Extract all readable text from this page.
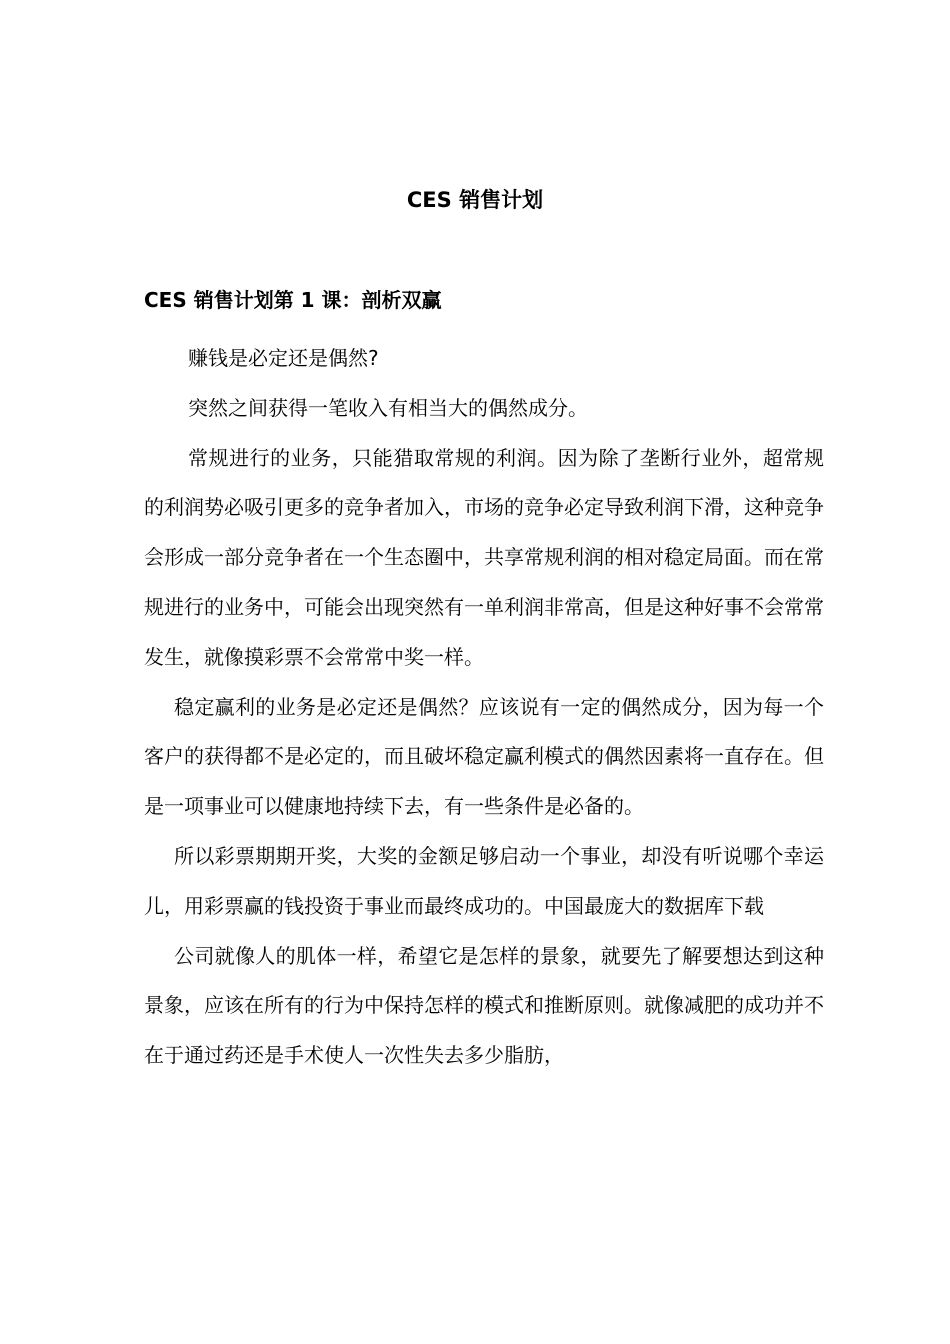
CES 销售计划
CES 销售计划第 1 课：剖析双赢

赚钱是必定还是偶然?

突然之间获得一笔收入有相当大的偶然成分。

常规进行的业务，只能猎取常规的利润。因为除了垄断行业外，超常规的利润势必吸引更多的竞争者加入，市场的竞争必定导致利润下滑，这种竞争会形成一部分竞争者在一个生态圈中，共享常规利润的相对稳定局面。而在常规进行的业务中，可能会出现突然有一单利润非常高，但是这种好事不会常常发生，就像摸彩票不会常常中奖一样。

稳定赢利的业务是必定还是偶然？应该说有一定的偶然成分，因为每一个客户的获得都不是必定的，而且破坏稳定赢利模式的偶然因素将一直存在。但是一项事业可以健康地持续下去，有一些条件是必备的。

所以彩票期期开奖，大奖的金额足够启动一个事业，却没有听说哪个幸运儿，用彩票赢的钱投资于事业而最终成功的。中国最庞大的数据库下载

公司就像人的肌体一样，希望它是怎样的景象，就要先了解要想达到这种景象，应该在所有的行为中保持怎样的模式和推断原则。就像减肥的成功并不在于通过药还是手术使人一次性失去多少脂肪，
